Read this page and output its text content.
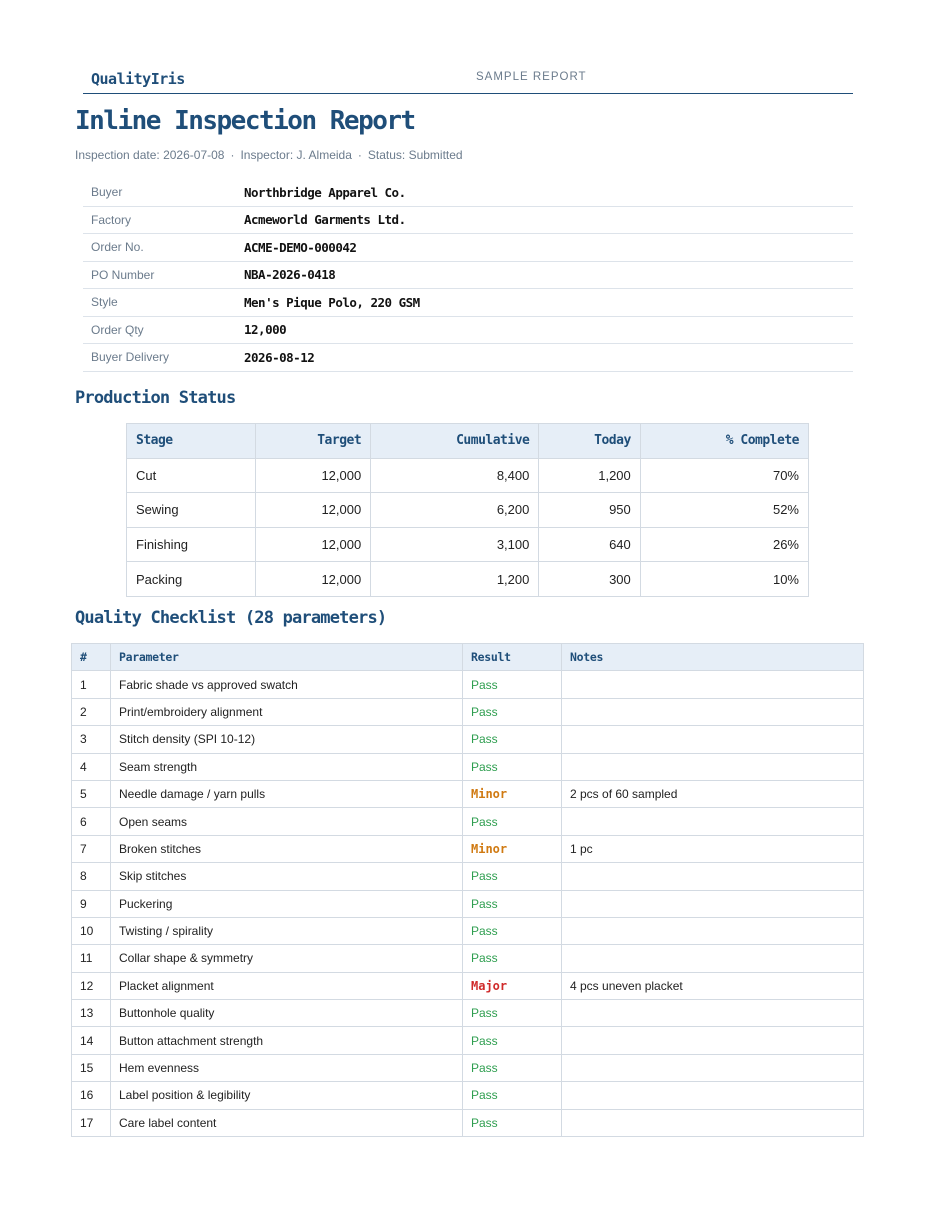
QualityIris	SAMPLE REPORT
Inline Inspection Report
Inspection date: 2026-07-08 · Inspector: J. Almeida · Status: Submitted
Buyer	Northbridge Apparel Co.
Factory	Acmeworld Garments Ltd.
Order No.	ACME-DEMO-000042
PO Number	NBA-2026-0418
Style	Men's Pique Polo, 220 GSM
Order Qty	12,000
Buyer Delivery	2026-08-12
Production Status
Stage	Target	Cumulative	Today	% Complete
Cut	12,000	8,400	1,200	70%
Sewing	12,000	6,200	950	52%
Finishing	12,000	3,100	640	26%
Packing	12,000	1,200	300	10%
Quality Checklist (28 parameters)
#	Parameter	Result	Notes
1	Fabric shade vs approved swatch	Pass	
2	Print/embroidery alignment	Pass	
3	Stitch density (SPI 10-12)	Pass	
4	Seam strength	Pass	
5	Needle damage / yarn pulls	Minor	2 pcs of 60 sampled
6	Open seams	Pass	
7	Broken stitches	Minor	1 pc
8	Skip stitches	Pass	
9	Puckering	Pass	
10	Twisting / spirality	Pass	
11	Collar shape & symmetry	Pass	
12	Placket alignment	Major	4 pcs uneven placket
13	Buttonhole quality	Pass	
14	Button attachment strength	Pass	
15	Hem evenness	Pass	
16	Label position & legibility	Pass	
17	Care label content	Pass	
